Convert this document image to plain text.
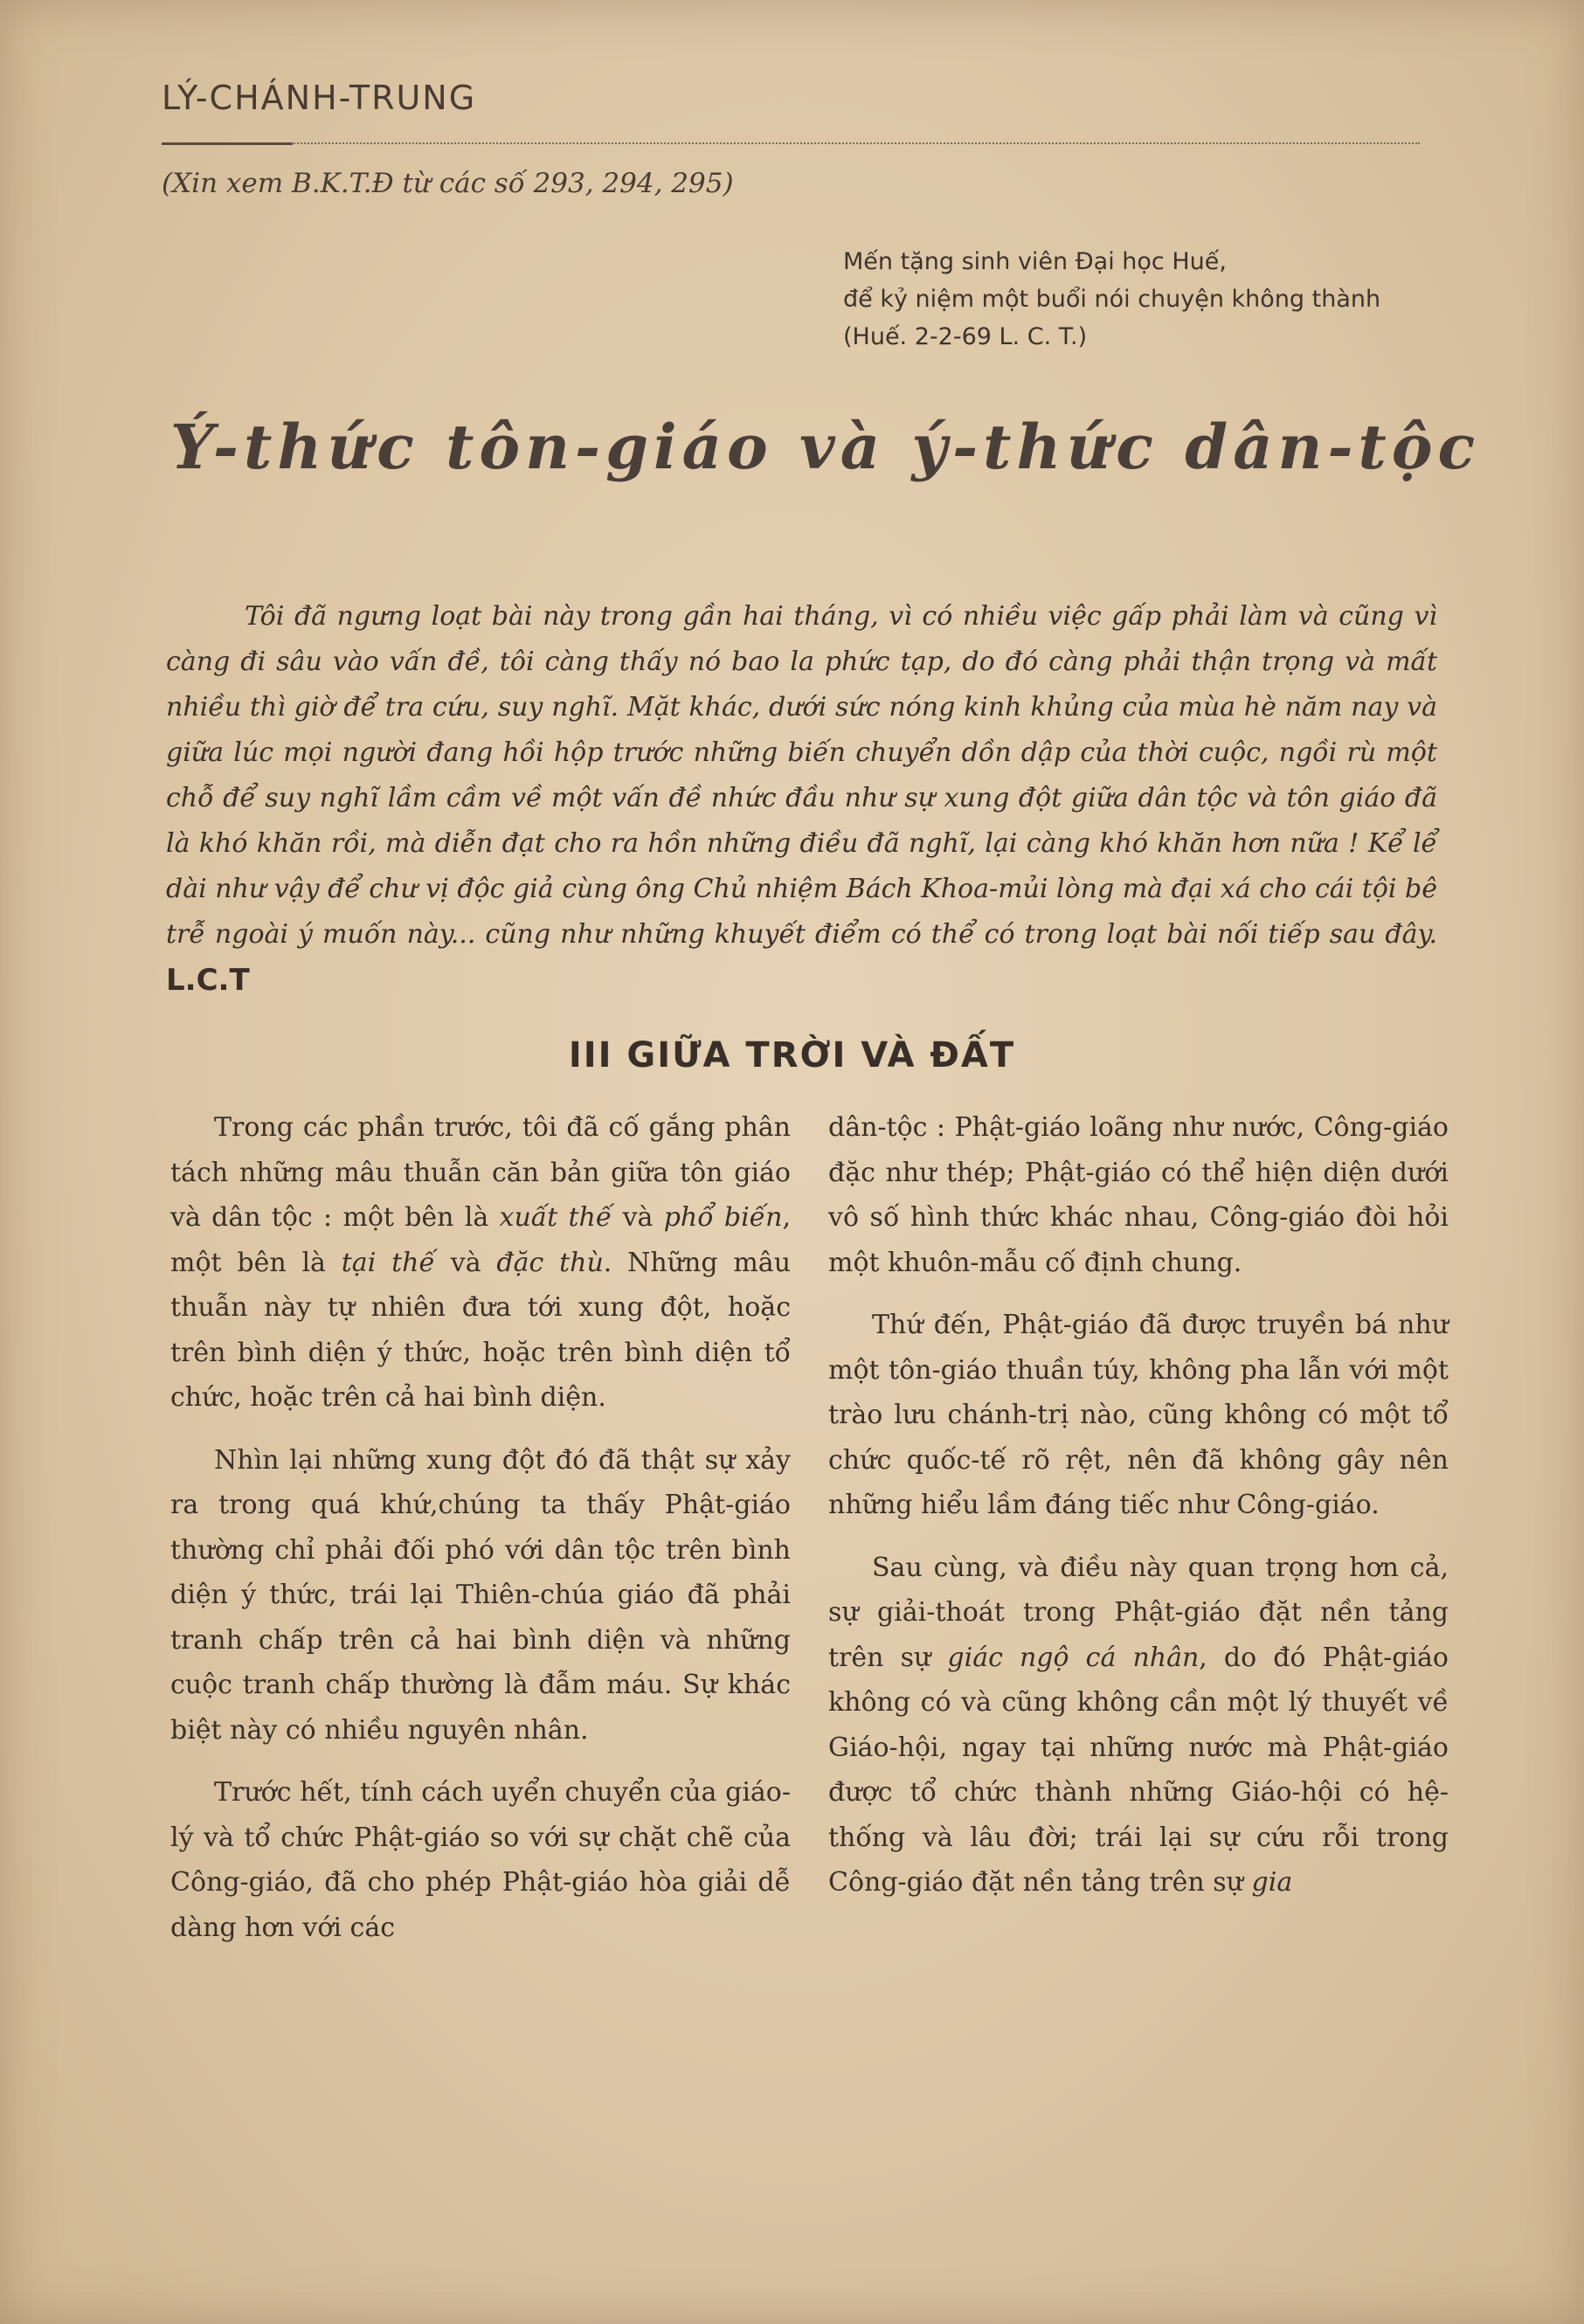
LÝ-CHÁNH-TRUNG
(Xin xem B.K.T.Đ từ các số 293, 294, 295)
Mến tặng sinh viên Đại học Huế,
để kỷ niệm một buổi nói chuyện không thành
(Huế. 2-2-69 L. C. T.)
Ý-thức tôn-giáo và ý-thức dân-tộc
Tôi đã ngưng loạt bài này trong gần hai tháng, vì có nhiều việc gấp phải làm và cũng vì càng đi sâu vào vấn đề, tôi càng thấy nó bao la phức tạp, do đó càng phải thận trọng và mất nhiều thì giờ để tra cứu, suy nghĩ. Mặt khác, dưới sức nóng kinh khủng của mùa hè năm nay và giữa lúc mọi người đang hồi hộp trước những biến chuyển dồn dập của thời cuộc, ngồi rù một chỗ để suy nghĩ lầm cầm về một vấn đề nhức đầu như sự xung đột giữa dân tộc và tôn giáo đã là khó khăn rồi, mà diễn đạt cho ra hồn những điều đã nghĩ, lại càng khó khăn hơn nữa ! Kể lể dài như vậy để chư vị độc giả cùng ông Chủ nhiệm Bách Khoa-mủi lòng mà đại xá cho cái tội bê trễ ngoài ý muốn này... cũng như những khuyết điểm có thể có trong loạt bài nối tiếp sau đây. L.C.T
III GIỮA TRỜI VÀ ĐẤT

Trong các phần trước, tôi đã cố gắng phân tách những mâu thuẫn căn bản giữa tôn giáo và dân tộc : một bên là xuất thế và phổ biến, một bên là tại thế và đặc thù. Những mâu thuẫn này tự nhiên đưa tới xung đột, hoặc trên bình diện ý thức, hoặc trên bình diện tổ chức, hoặc trên cả hai bình diện.

Nhìn lại những xung đột đó đã thật sự xảy ra trong quá khứ,chúng ta thấy Phật-giáo thường chỉ phải đối phó với dân tộc trên bình diện ý thức, trái lại Thiên-chúa giáo đã phải tranh chấp trên cả hai bình diện và những cuộc tranh chấp thường là đẫm máu. Sự khác biệt này có nhiều nguyên nhân.

Trước hết, tính cách uyển chuyển của giáo-lý và tổ chức Phật-giáo so với sự chặt chẽ của Công-giáo, đã cho phép Phật-giáo hòa giải dễ dàng hơn với các

dân-tộc : Phật-giáo loãng như nước, Công-giáo đặc như thép; Phật-giáo có thể hiện diện dưới vô số hình thức khác nhau, Công-giáo đòi hỏi một khuôn-mẫu cố định chung.

Thứ đến, Phật-giáo đã được truyền bá như một tôn-giáo thuần túy, không pha lẫn với một trào lưu chánh-trị nào, cũng không có một tổ chức quốc-tế rõ rệt, nên đã không gây nên những hiểu lầm đáng tiếc như Công-giáo.

Sau cùng, và điều này quan trọng hơn cả, sự giải-thoát trong Phật-giáo đặt nền tảng trên sự giác ngộ cá nhân, do đó Phật-giáo không có và cũng không cần một lý thuyết về Giáo-hội, ngay tại những nước mà Phật-giáo được tổ chức thành những Giáo-hội có hệ-thống và lâu đời; trái lại sự cứu rỗi trong Công-giáo đặt nền tảng trên sự gia
